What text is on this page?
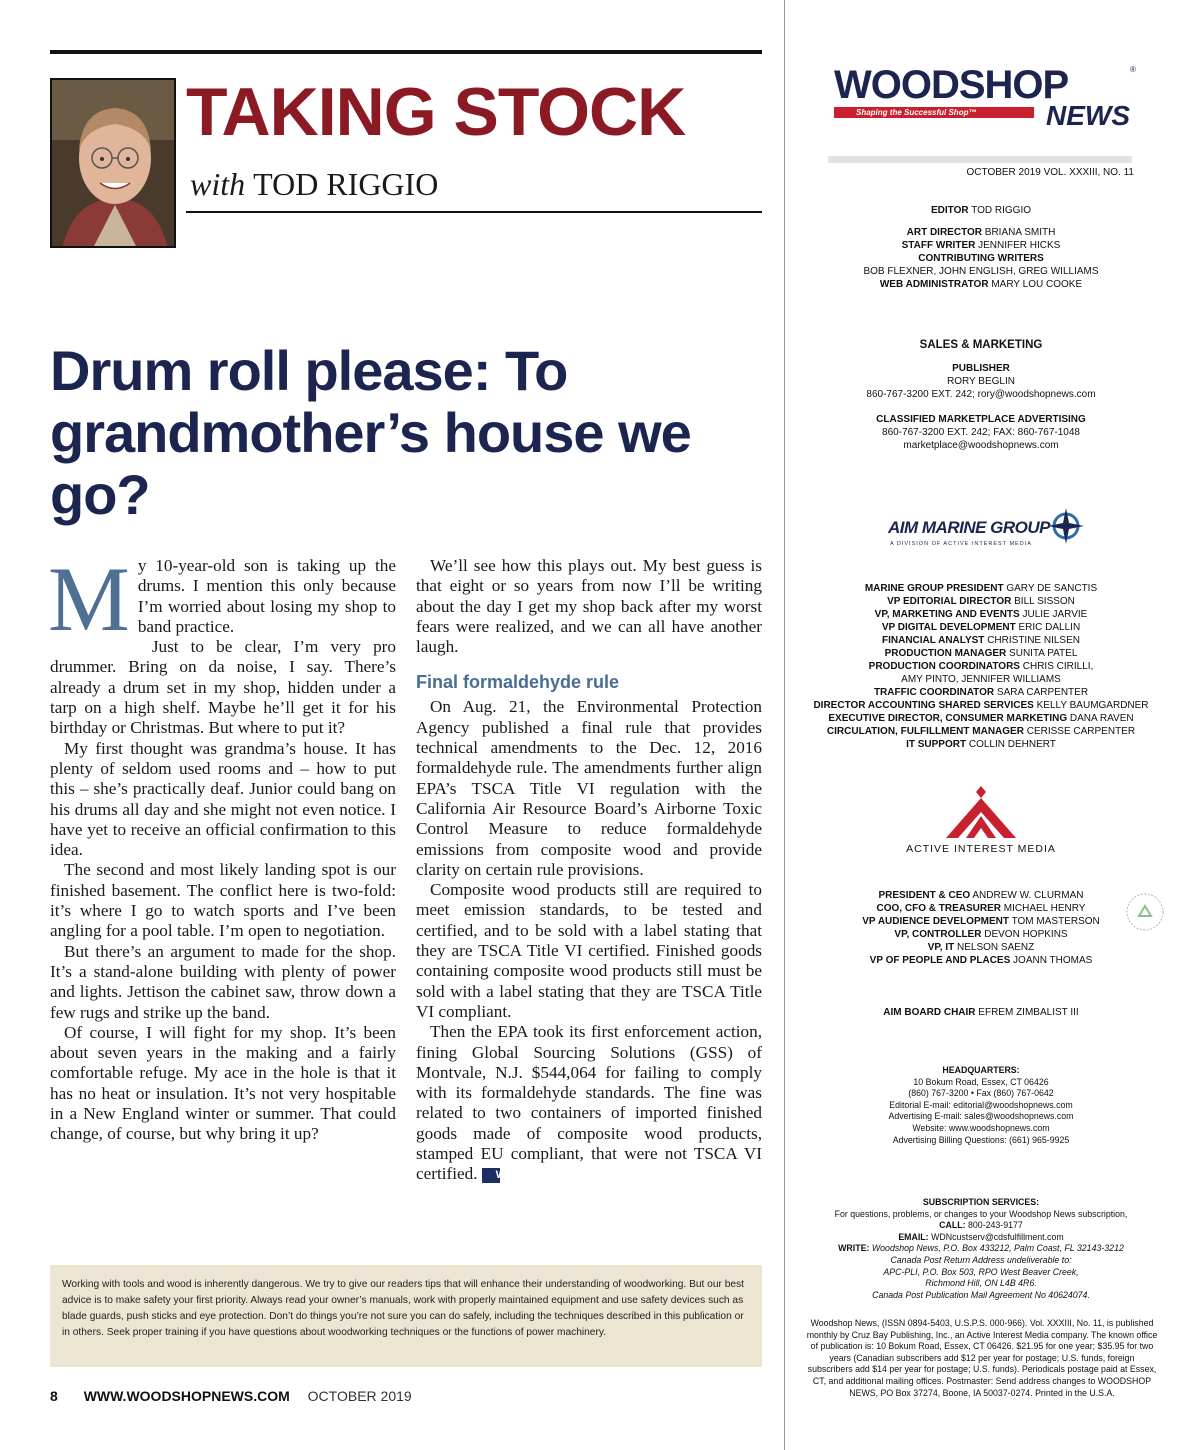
TAKING STOCK
with TOD RIGGIO
Drum roll please: To grandmother’s house we go?

My 10-year-old son is taking up the drums. I mention this only because I’m worried about losing my shop to band practice.

Just to be clear, I’m very pro drummer. Bring on da noise, I say. There’s already a drum set in my shop, hidden under a tarp on a high shelf. Maybe he’ll get it for his birthday or Christmas. But where to put it?

My first thought was grandma’s house. It has plenty of seldom used rooms and – how to put this – she’s practically deaf. Junior could bang on his drums all day and she might not even notice. I have yet to receive an official confirmation to this idea.

The second and most likely landing spot is our finished basement. The conflict here is two-fold: it’s where I go to watch sports and I’ve been angling for a pool table. I’m open to negotiation.

But there’s an argument to made for the shop. It’s a stand-alone building with plenty of power and lights. Jettison the cabinet saw, throw down a few rugs and strike up the band.

Of course, I will fight for my shop. It’s been about seven years in the making and a fairly comfortable refuge. My ace in the hole is that it has no heat or insulation. It’s not very hospitable in a New England winter or summer. That could change, of course, but why bring it up?

We’ll see how this plays out. My best guess is that eight or so years from now I’ll be writing about the day I get my shop back after my worst fears were realized, and we can all have another laugh.

Final formaldehyde rule

On Aug. 21, the Environmental Protection Agency published a final rule that provides technical amendments to the Dec. 12, 2016 formaldehyde rule. The amendments further align EPA’s TSCA Title VI regulation with the California Air Resource Board’s Airborne Toxic Control Measure to reduce formaldehyde emissions from composite wood and provide clarity on certain rule provisions.

Composite wood products still are required to meet emission standards, to be tested and certified, and to be sold with a label stating that they are TSCA Title VI certified. Finished goods containing composite wood products still must be sold with a label stating that they are TSCA Title VI compliant.

Then the EPA took its first enforcement action, fining Global Sourcing Solutions (GSS) of Montvale, N.J. $544,064 for failing to comply with its formaldehyde standards. The fine was related to two containers of imported finished goods made of composite wood products, stamped EU compliant, that were not TSCA VI certified. W

Working with tools and wood is inherently dangerous. We try to give our readers tips that will enhance their understanding of woodworking. But our best advice is to make safety your first priority. Always read your owner’s manuals, work with properly maintained equipment and use safety devices such as blade guards, push sticks and eye protection. Don’t do things you’re not sure you can do safely, including the techniques described in this publication or in others. Seek proper training if you have questions about woodworking techniques or the functions of power machinery.
8 WWW.WOODSHOPNEWS.COM OCTOBER 2019
WOODSHOP	®
Shaping the Successful Shop™	NEWS
OCTOBER 2019 VOL. XXXIII, NO. 11
EDITOR TOD RIGGIO
ART DIRECTOR BRIANA SMITH
STAFF WRITER JENNIFER HICKS
CONTRIBUTING WRITERS
BOB FLEXNER, JOHN ENGLISH, GREG WILLIAMS
WEB ADMINISTRATOR MARY LOU COOKE
SALES & MARKETING
PUBLISHER
RORY BEGLIN
860-767-3200 EXT. 242; rory@woodshopnews.com
CLASSIFIED MARKETPLACE ADVERTISING
860-767-3200 EXT. 242; FAX: 860-767-1048
marketplace@woodshopnews.com
AIM MARINE GROUP
A DIVISION OF ACTIVE INTEREST MEDIA
MARINE GROUP PRESIDENT GARY DE SANCTIS
VP EDITORIAL DIRECTOR BILL SISSON
VP, MARKETING AND EVENTS JULIE JARVIE
VP DIGITAL DEVELOPMENT ERIC DALLIN
FINANCIAL ANALYST CHRISTINE NILSEN
PRODUCTION MANAGER SUNITA PATEL
PRODUCTION COORDINATORS CHRIS CIRILLI,
AMY PINTO, JENNIFER WILLIAMS
TRAFFIC COORDINATOR SARA CARPENTER
DIRECTOR ACCOUNTING SHARED SERVICES KELLY BAUMGARDNER
EXECUTIVE DIRECTOR, CONSUMER MARKETING DANA RAVEN
CIRCULATION, FULFILLMENT MANAGER CERISSE CARPENTER
IT SUPPORT COLLIN DEHNERT
ACTIVE INTEREST MEDIA
PRESIDENT & CEO ANDREW W. CLURMAN
COO, CFO & TREASURER MICHAEL HENRY
VP AUDIENCE DEVELOPMENT TOM MASTERSON
VP, CONTROLLER DEVON HOPKINS
VP, IT NELSON SAENZ
VP OF PEOPLE AND PLACES JOANN THOMAS
AIM BOARD CHAIR EFREM ZIMBALIST III
HEADQUARTERS:
10 Bokum Road, Essex, CT 06426
(860) 767-3200 • Fax (860) 767-0642
Editorial E-mail: editorial@woodshopnews.com
Advertising E-mail: sales@woodshopnews.com
Website: www.woodshopnews.com
Advertising Billing Questions: (661) 965-9925
SUBSCRIPTION SERVICES:
For questions, problems, or changes to your Woodshop News subscription,
CALL: 800-243-9177
EMAIL: WDNcustserv@cdsfulfillment.com
WRITE: Woodshop News, P.O. Box 433212, Palm Coast, FL 32143-3212
Canada Post Return Address undeliverable to:
APC-PLI, P.O. Box 503, RPO West Beaver Creek,
Richmond Hill, ON L4B 4R6.
Canada Post Publication Mail Agreement No 40624074.
Woodshop News, (ISSN 0894-5403, U.S.P.S. 000-966). Vol. XXXIII, No. 11, is published monthly by Cruz Bay Publishing, Inc., an Active Interest Media company. The known office of publication is: 10 Bokum Road, Essex, CT 06426. $21.95 for one year; $35.95 for two years (Canadian subscribers add $12 per year for postage; U.S. funds, foreign subscribers add $14 per year for postage; U.S. funds). Periodicals postage paid at Essex, CT, and additional mailing offices. Postmaster: Send address changes to WOODSHOP NEWS, PO Box 37274, Boone, IA 50037-0274. Printed in the U.S.A.
